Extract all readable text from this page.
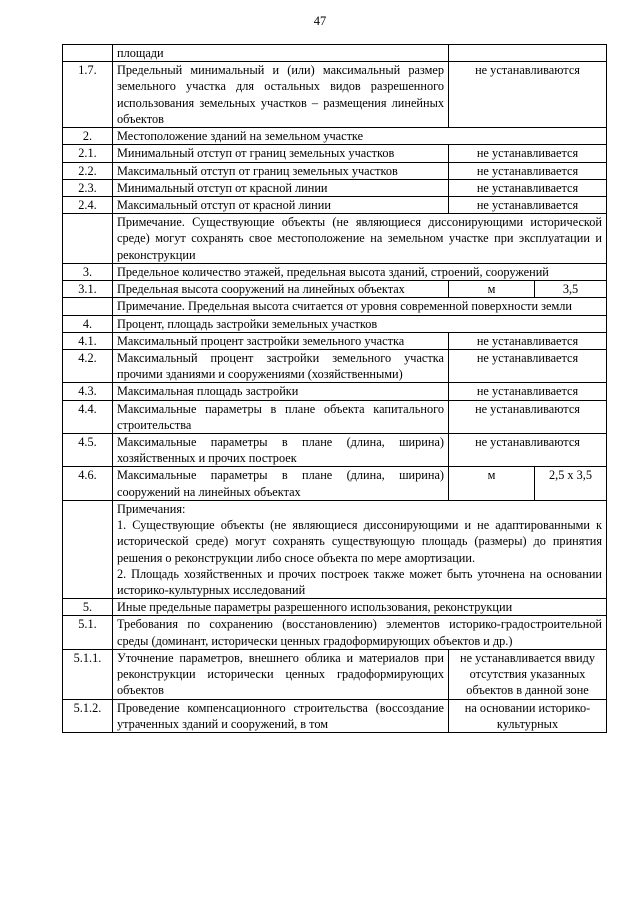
47
	площади		
1.7.	Предельный минимальный и (или) максимальный размер земельного участка для остальных видов разрешенного использования земельных участков – размещения линейных объектов	не устанавливаются	
2.	Местоположение зданий на земельном участке		
2.1.	Минимальный отступ от границ земельных участков	не устанавливается	
2.2.	Максимальный отступ от границ земельных участков	не устанавливается	
2.3.	Минимальный отступ от красной линии	не устанавливается	
2.4.	Максимальный отступ от красной линии	не устанавливается	
	Примечание. Существующие объекты (не являющиеся диссонирующими исторической среде) могут сохранять свое местоположение на земельном участке при эксплуатации и реконструкции		
3.	Предельное количество этажей, предельная высота зданий, строений, сооружений		
3.1.	Предельная высота сооружений на линейных объектах	м	3,5
	Примечание. Предельная высота считается от уровня современной поверхности земли		
4.	Процент, площадь застройки земельных участков		
4.1.	Максимальный процент застройки земельного участка	не устанавливается	
4.2.	Максимальный процент застройки земельного участка прочими зданиями и сооружениями (хозяйственными)	не устанавливается	
4.3.	Максимальная площадь застройки	не устанавливается	
4.4.	Максимальные параметры в плане объекта капитального строительства	не устанавливаются	
4.5.	Максимальные параметры в плане (длина, ширина) хозяйственных и прочих построек	не устанавливаются	
4.6.	Максимальные параметры в плане (длина, ширина) сооружений на линейных объектах	м	2,5 х 3,5

	Примечания:
1. Существующие объекты (не являющиеся диссонирующими и не адаптированными к исторической среде) могут сохранять существующую площадь (размеры) до принятия решения о реконструкции либо сносе объекта по мере амортизации.
2. Площадь хозяйственных и прочих построек также может быть уточнена на основании историко-культурных исследований		

5.	Иные предельные параметры разрешенного использования, реконструкции		
5.1.	Требования по сохранению (восстановлению) элементов историко-градостроительной среды (доминант, исторически ценных градоформирующих объектов и др.)		
5.1.1.	Уточнение параметров, внешнего облика и материалов при реконструкции исторически ценных градоформирующих объектов	не устанавливается ввиду отсутствия указанных объектов в данной зоне	
5.1.2.	Проведение компенсационного строительства (воссоздание утраченных зданий и сооружений, в том	на основании историко-культурных	
